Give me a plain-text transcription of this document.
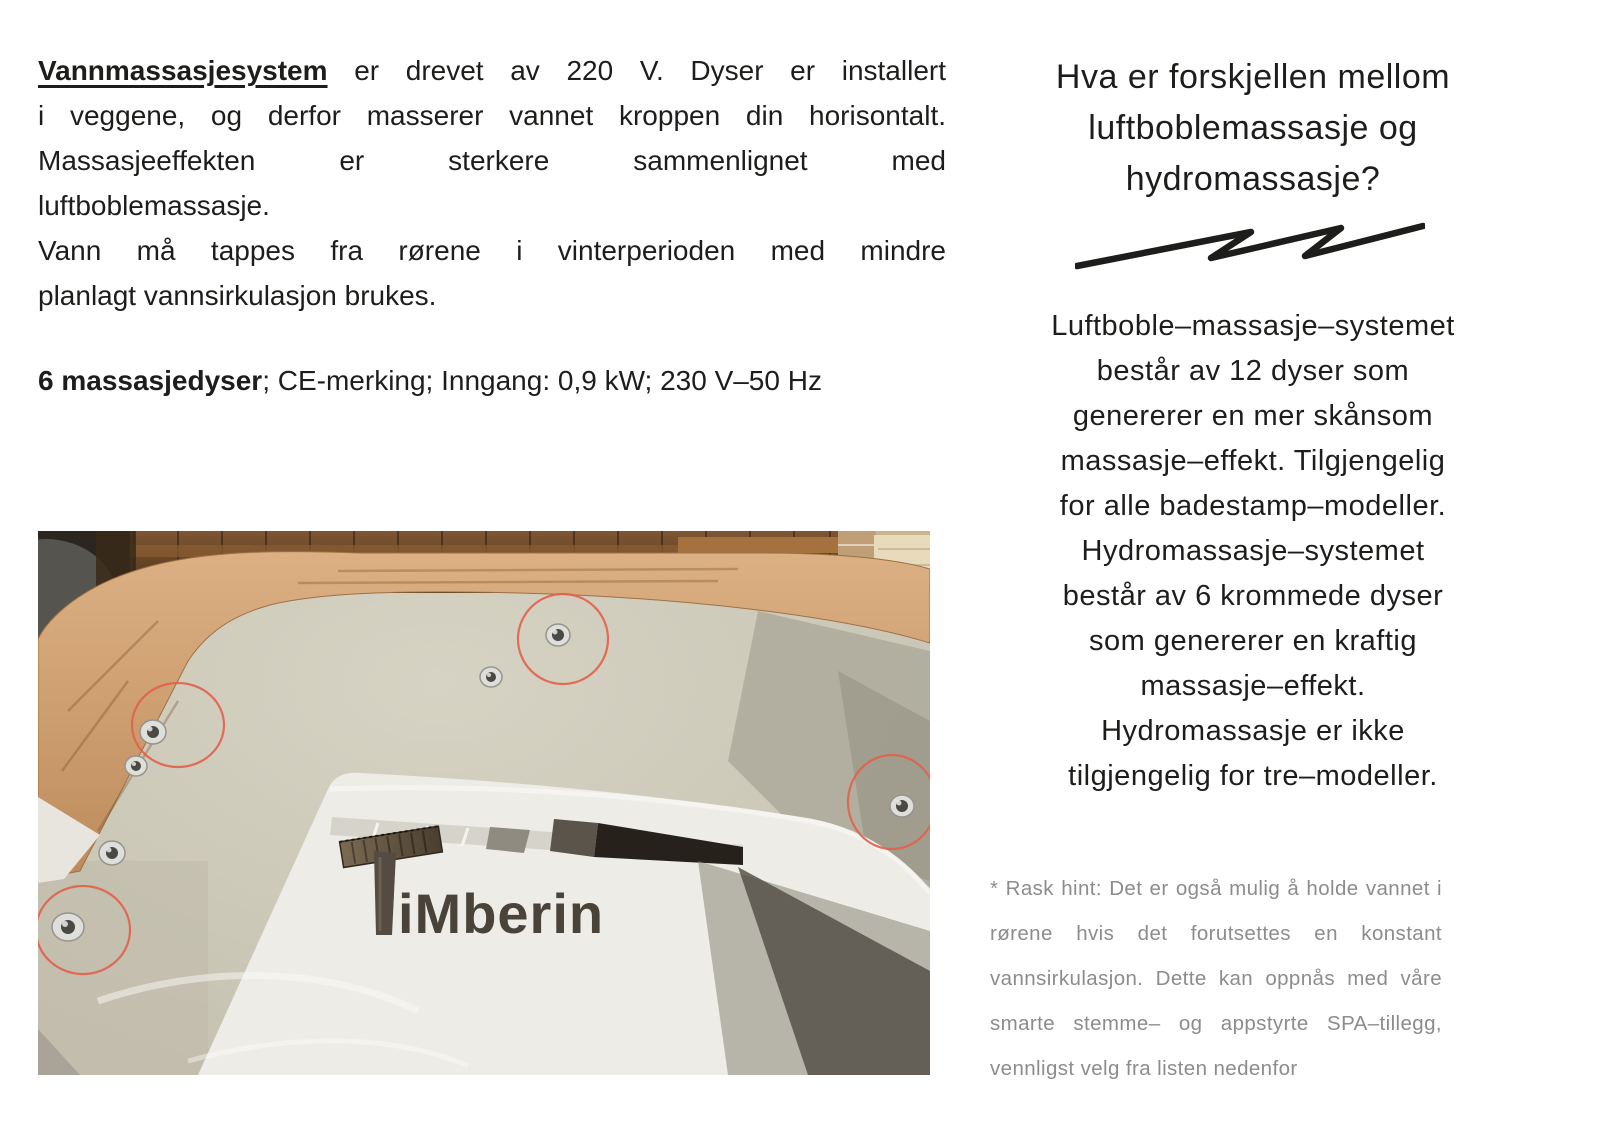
Vannmassasjesystem er drevet av 220 V. Dyser er installert
i veggene, og derfor masserer vannet kroppen din horisontalt.
Massasjeeffekten er sterkere sammenlignet med
luftboblemassasje.
Vann må tappes fra rørene i vinterperioden med mindre
planlagt vannsirkulasjon brukes.
6 massasjedyser; CE-merking; Inngang: 0,9 kW; 230 V–50 Hz
Hva er forskjellen mellom
luftboblemassasje og
hydromassasje?
Luftboble–massasje–systemet
består av 12 dyser som
genererer en mer skånsom
massasje–effekt. Tilgjengelig
for alle badestamp–modeller.
Hydromassasje–systemet
består av 6 krommede dyser
som genererer en kraftig
massasje–effekt.
Hydromassasje er ikke
tilgjengelig for tre–modeller.
* Rask hint: Det er også mulig å holde vannet i
rørene hvis det forutsettes en konstant
vannsirkulasjon. Dette kan oppnås med våre
smarte stemme– og appstyrte SPA–tillegg,
vennligst velg fra listen nedenfor
iMberin
